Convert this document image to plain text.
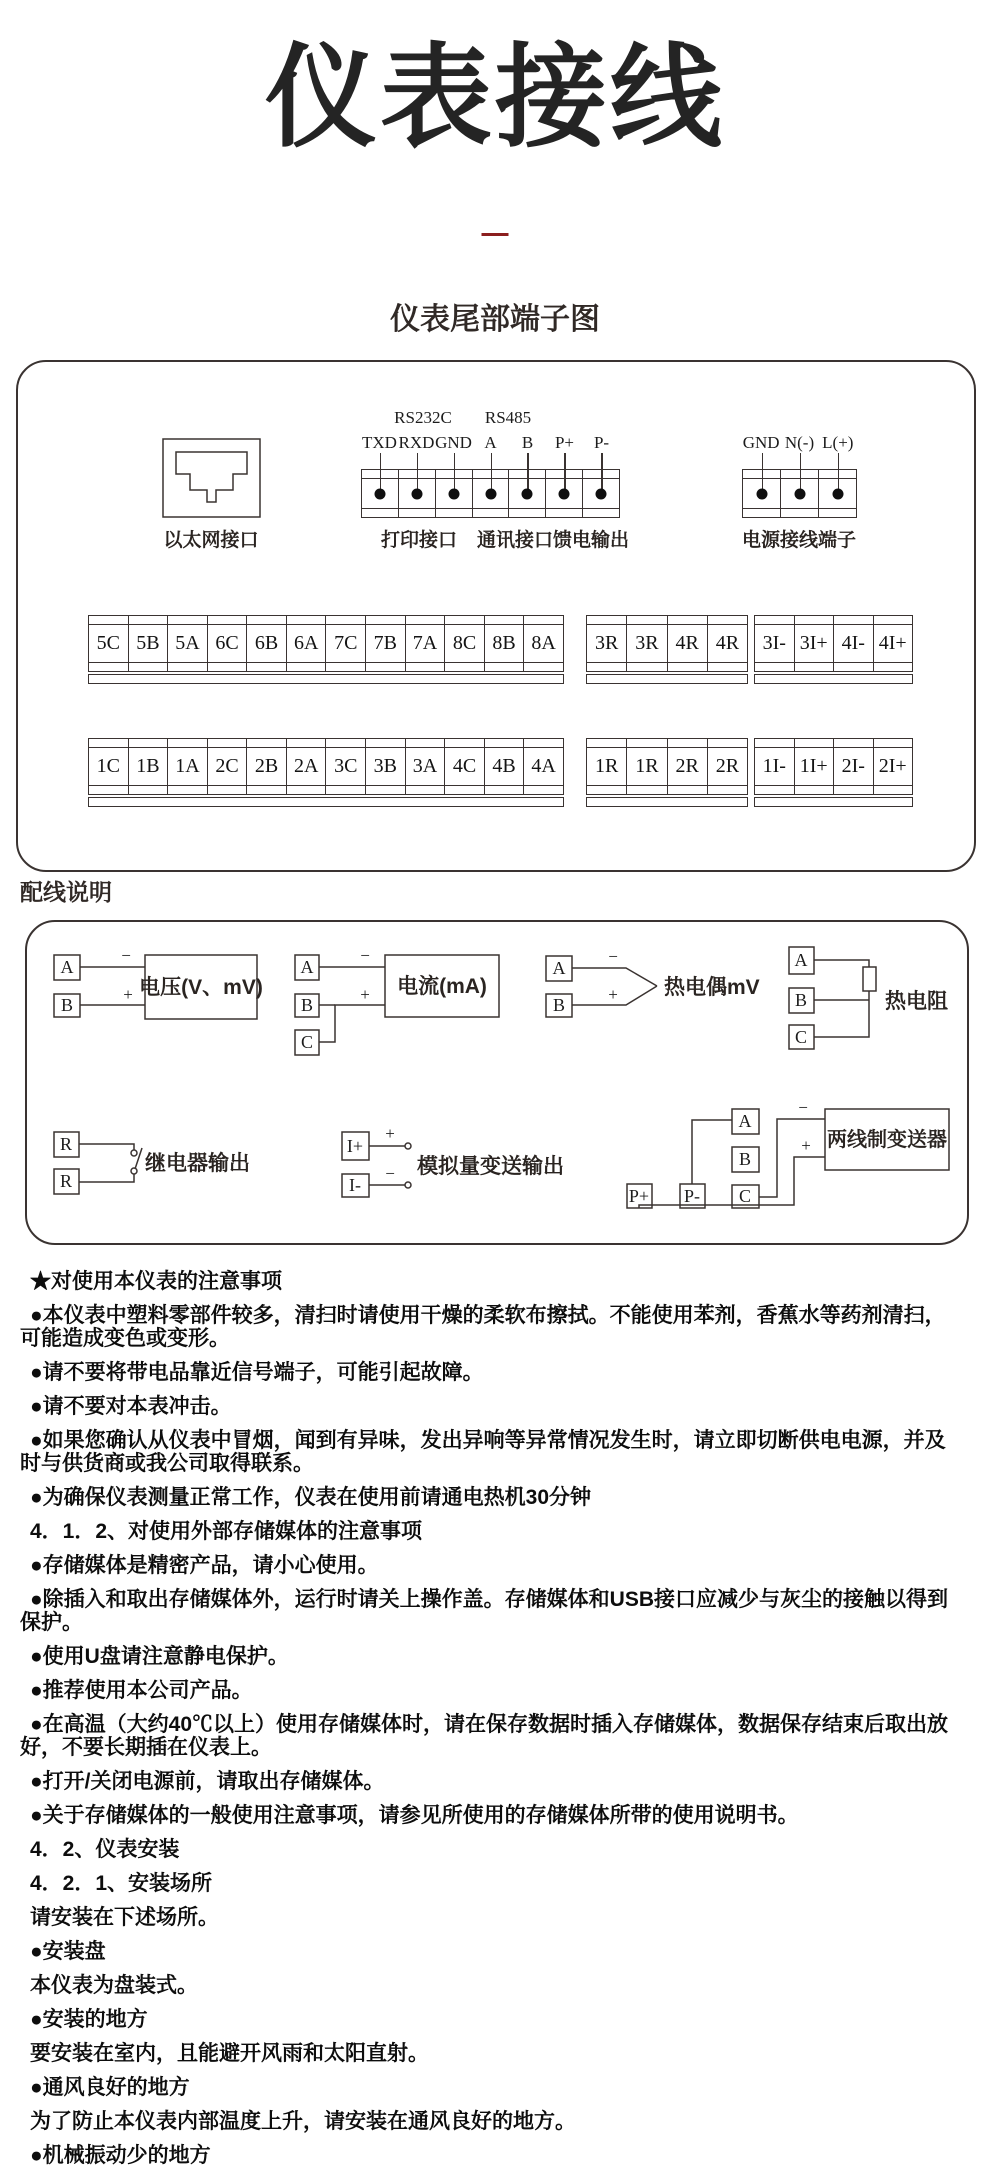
仪表接线
仪表尾部端子图
以太网接口
RS232C RS485
TXD RXD GND A	B	P+	P-
打印接口 通讯接口 馈电输出
GND N(-) L(+)
电源接线端子
5C 5B 5A 6C 6B 6A 7C 7B 7A 8C 8B 8A	3R 3R 4R 4R	3I- 3I+ 4I- 4I+
1C 1B 1A 2C 2B 2A 3C 3B 3A 4C 4B 4A	1R 1R 2R 2R	1I- 1I+ 2I- 2I+
配线说明
A
B
−
+ 电压(V、mV)
A
B
C
−
+ 电流(mA)
A
B
−
+ 热电偶mV
A
B
C
热电阻
R
R
继电器输出
I+
I-
+
− 模拟量变送输出
P+ P-
A
B
C
−
+ 两线制变送器

★对使用本仪表的注意事项

●本仪表中塑料零部件较多，清扫时请使用干燥的柔软布擦拭。不能使用苯剂，香蕉水等药剂清扫，可能造成变色或变形。

●请不要将带电品靠近信号端子，可能引起故障。

●请不要对本表冲击。

●如果您确认从仪表中冒烟，闻到有异味，发出异响等异常情况发生时，请立即切断供电电源，并及时与供货商或我公司取得联系。

●为确保仪表测量正常工作，仪表在使用前请通电热机30分钟

4．1．2、对使用外部存储媒体的注意事项

●存储媒体是精密产品，请小心使用。

●除插入和取出存储媒体外，运行时请关上操作盖。存储媒体和USB接口应减少与灰尘的接触以得到保护。

●使用U盘请注意静电保护。

●推荐使用本公司产品。

●在高温（大约40℃以上）使用存储媒体时，请在保存数据时插入存储媒体，数据保存结束后取出放好，不要长期插在仪表上。

●打开/关闭电源前，请取出存储媒体。

●关于存储媒体的一般使用注意事项，请参见所使用的存储媒体所带的使用说明书。

4．2、仪表安装

4．2．1、安装场所

请安装在下述场所。

●安装盘

本仪表为盘装式。

●安装的地方

要安装在室内，且能避开风雨和太阳直射。

●通风良好的地方

为了防止本仪表内部温度上升，请安装在通风良好的地方。

●机械振动少的地方
